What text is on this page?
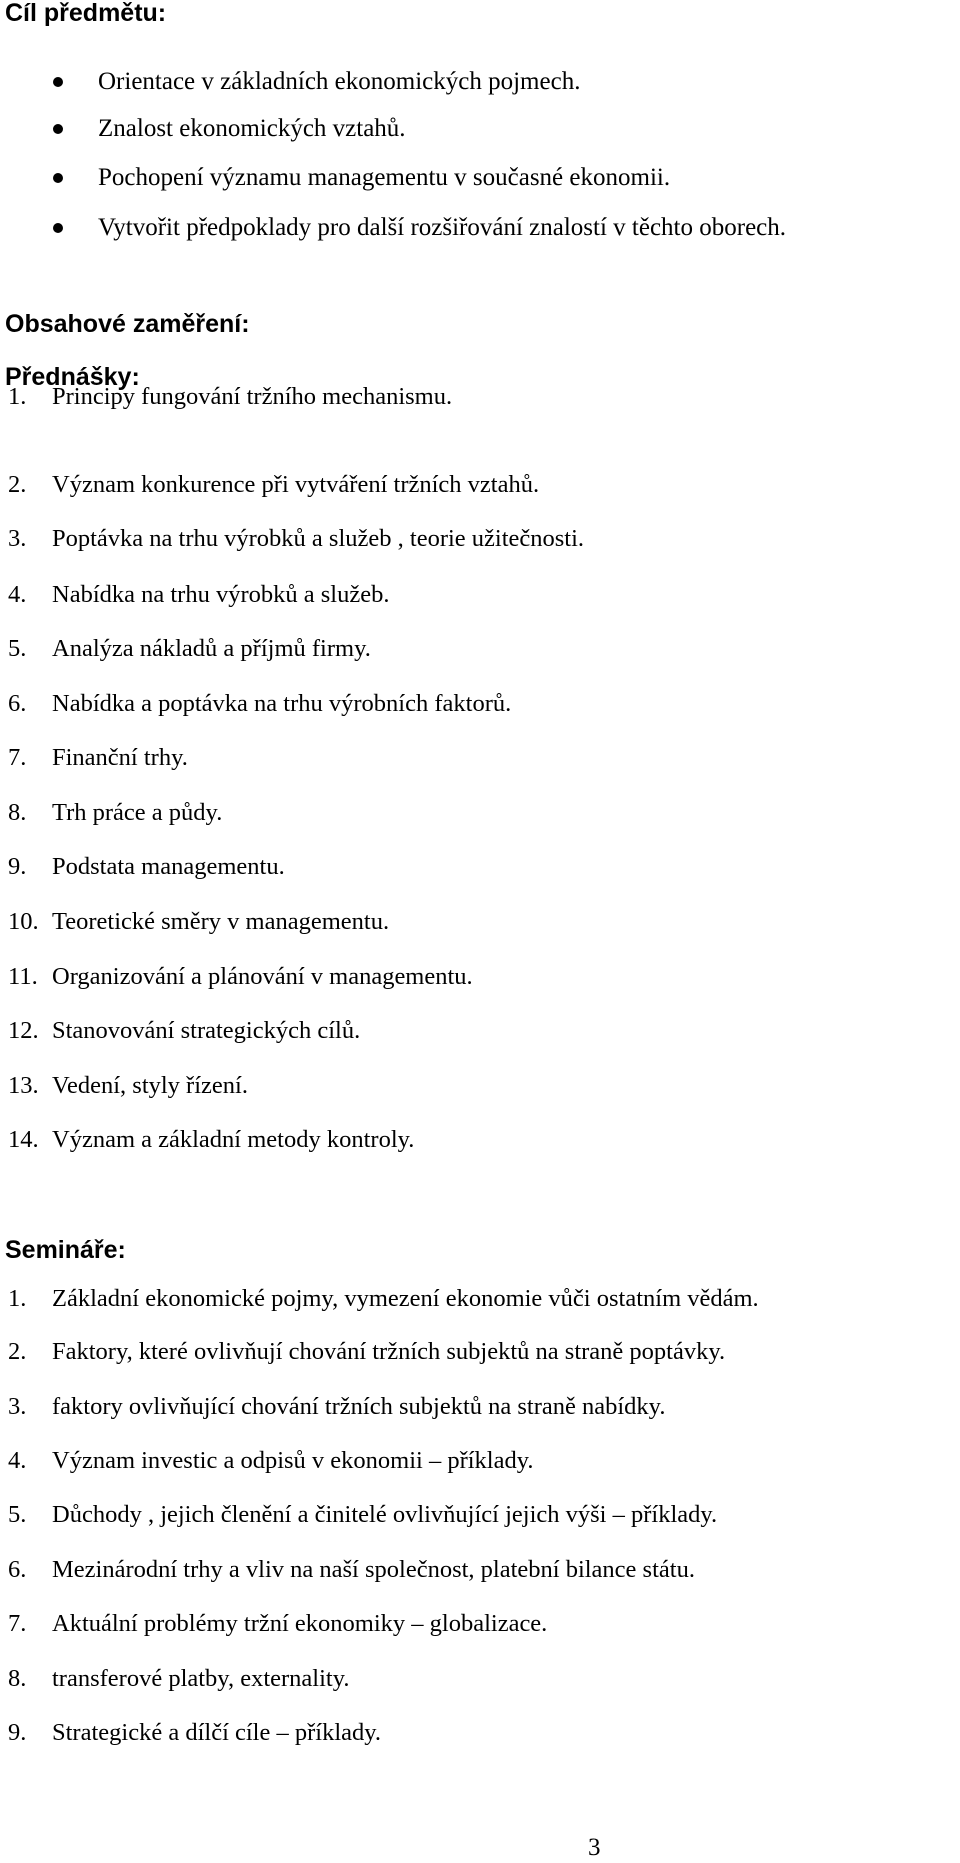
Cíl předmětu:
Orientace v základních ekonomických pojmech.
Znalost ekonomických vztahů.
Pochopení významu managementu v současné ekonomii.
Vytvořit předpoklady pro další rozšiřování znalostí v těchto oborech.
Obsahové zaměření:
Přednášky:
1. Principy fungování tržního mechanismu.
2. Význam konkurence při vytváření tržních vztahů.
3. Poptávka na trhu výrobků a služeb , teorie užitečnosti.
4. Nabídka na trhu výrobků a služeb.
5. Analýza nákladů a příjmů firmy.
6. Nabídka a poptávka na trhu výrobních faktorů.
7. Finanční trhy.
8. Trh práce a půdy.
9. Podstata managementu.
10. Teoretické směry v managementu.
11. Organizování a plánování v managementu.
12. Stanovování strategických cílů.
13. Vedení, styly řízení.
14. Význam a základní metody kontroly.
Semináře:
1. Základní ekonomické pojmy, vymezení ekonomie vůči ostatním vědám.
2. Faktory, které ovlivňují chování tržních subjektů na straně poptávky.
3. faktory ovlivňující chování tržních subjektů na straně nabídky.
4. Význam investic a odpisů v ekonomii – příklady.
5. Důchody , jejich členění a činitelé ovlivňující jejich výši – příklady.
6. Mezinárodní trhy a vliv na naší společnost, platební bilance státu.
7. Aktuální problémy tržní ekonomiky – globalizace.
8. transferové platby, externality.
9. Strategické a dílčí cíle – příklady.
3
